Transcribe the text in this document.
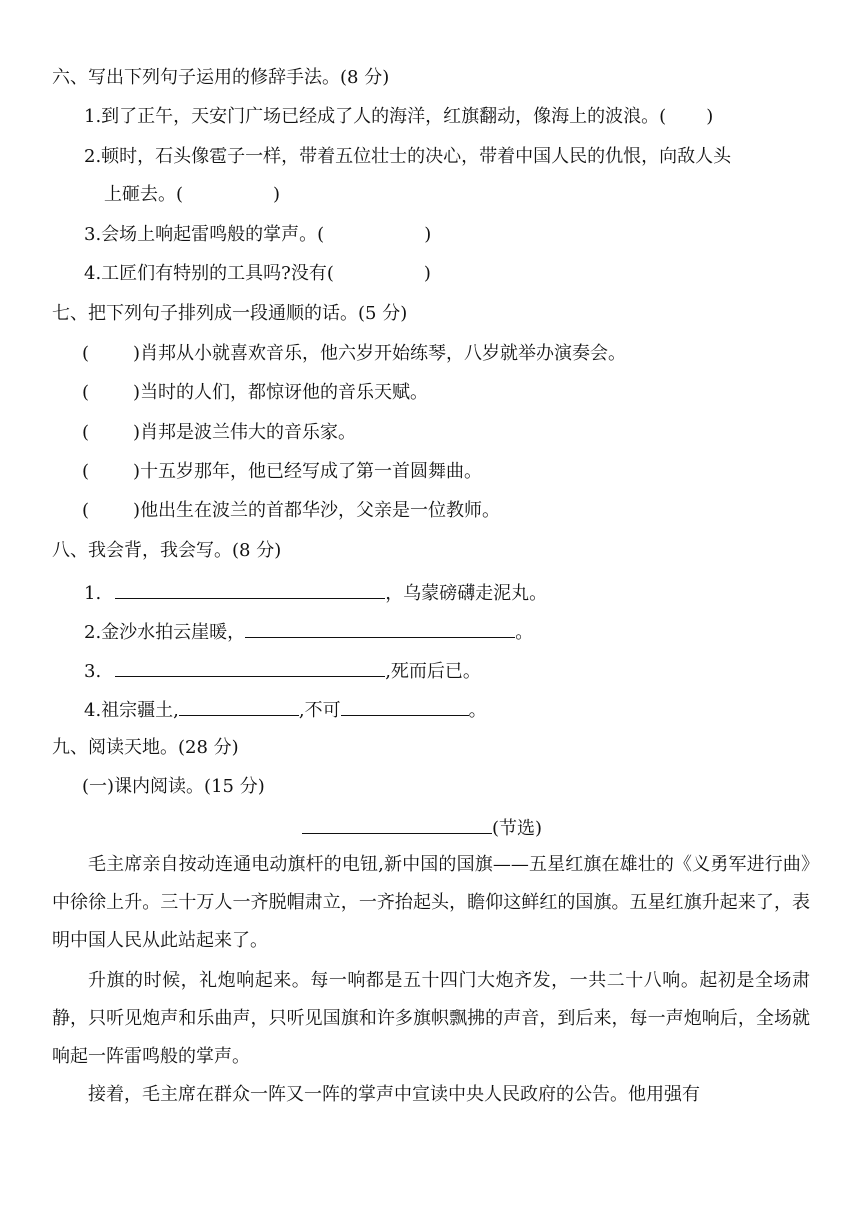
六、写出下列句子运用的修辞手法。(8 分)
1.到了正午，天安门广场已经成了人的海洋，红旗翻动，像海上的波浪。( )
2.顿时，石头像雹子一样，带着五位壮士的决心，带着中国人民的仇恨，向敌人头
上砸去。(	)
3.会场上响起雷鸣般的掌声。(	)
4.工匠们有特别的工具吗?没有(	)
七、把下列句子排列成一段通顺的话。(5 分)
( )肖邦从小就喜欢音乐，他六岁开始练琴，八岁就举办演奏会。
( )当时的人们，都惊讶他的音乐天赋。
( )肖邦是波兰伟大的音乐家。
( )十五岁那年，他已经写成了第一首圆舞曲。
( )他出生在波兰的首都华沙，父亲是一位教师。
八、我会背，我会写。(8 分)
1.	，乌蒙磅礴走泥丸。
2.金沙水拍云崖暖，	。
3.	,死而后已。
4.祖宗疆土,	,不可	。
九、阅读天地。(28 分)
(一)课内阅读。(15 分)
(节选)
毛主席亲自按动连通电动旗杆的电钮,新中国的国旗——五星红旗在雄壮的《义勇军进行曲》中徐徐上升。三十万人一齐脱帽肃立，一齐抬起头，瞻仰这鲜红的国旗。五星红旗升起来了，表明中国人民从此站起来了。
升旗的时候，礼炮响起来。每一响都是五十四门大炮齐发，一共二十八响。起初是全场肃静，只听见炮声和乐曲声，只听见国旗和许多旗帜飘拂的声音，到后来，每一声炮响后，全场就响起一阵雷鸣般的掌声。
接着，毛主席在群众一阵又一阵的掌声中宣读中央人民政府的公告。他用强有
